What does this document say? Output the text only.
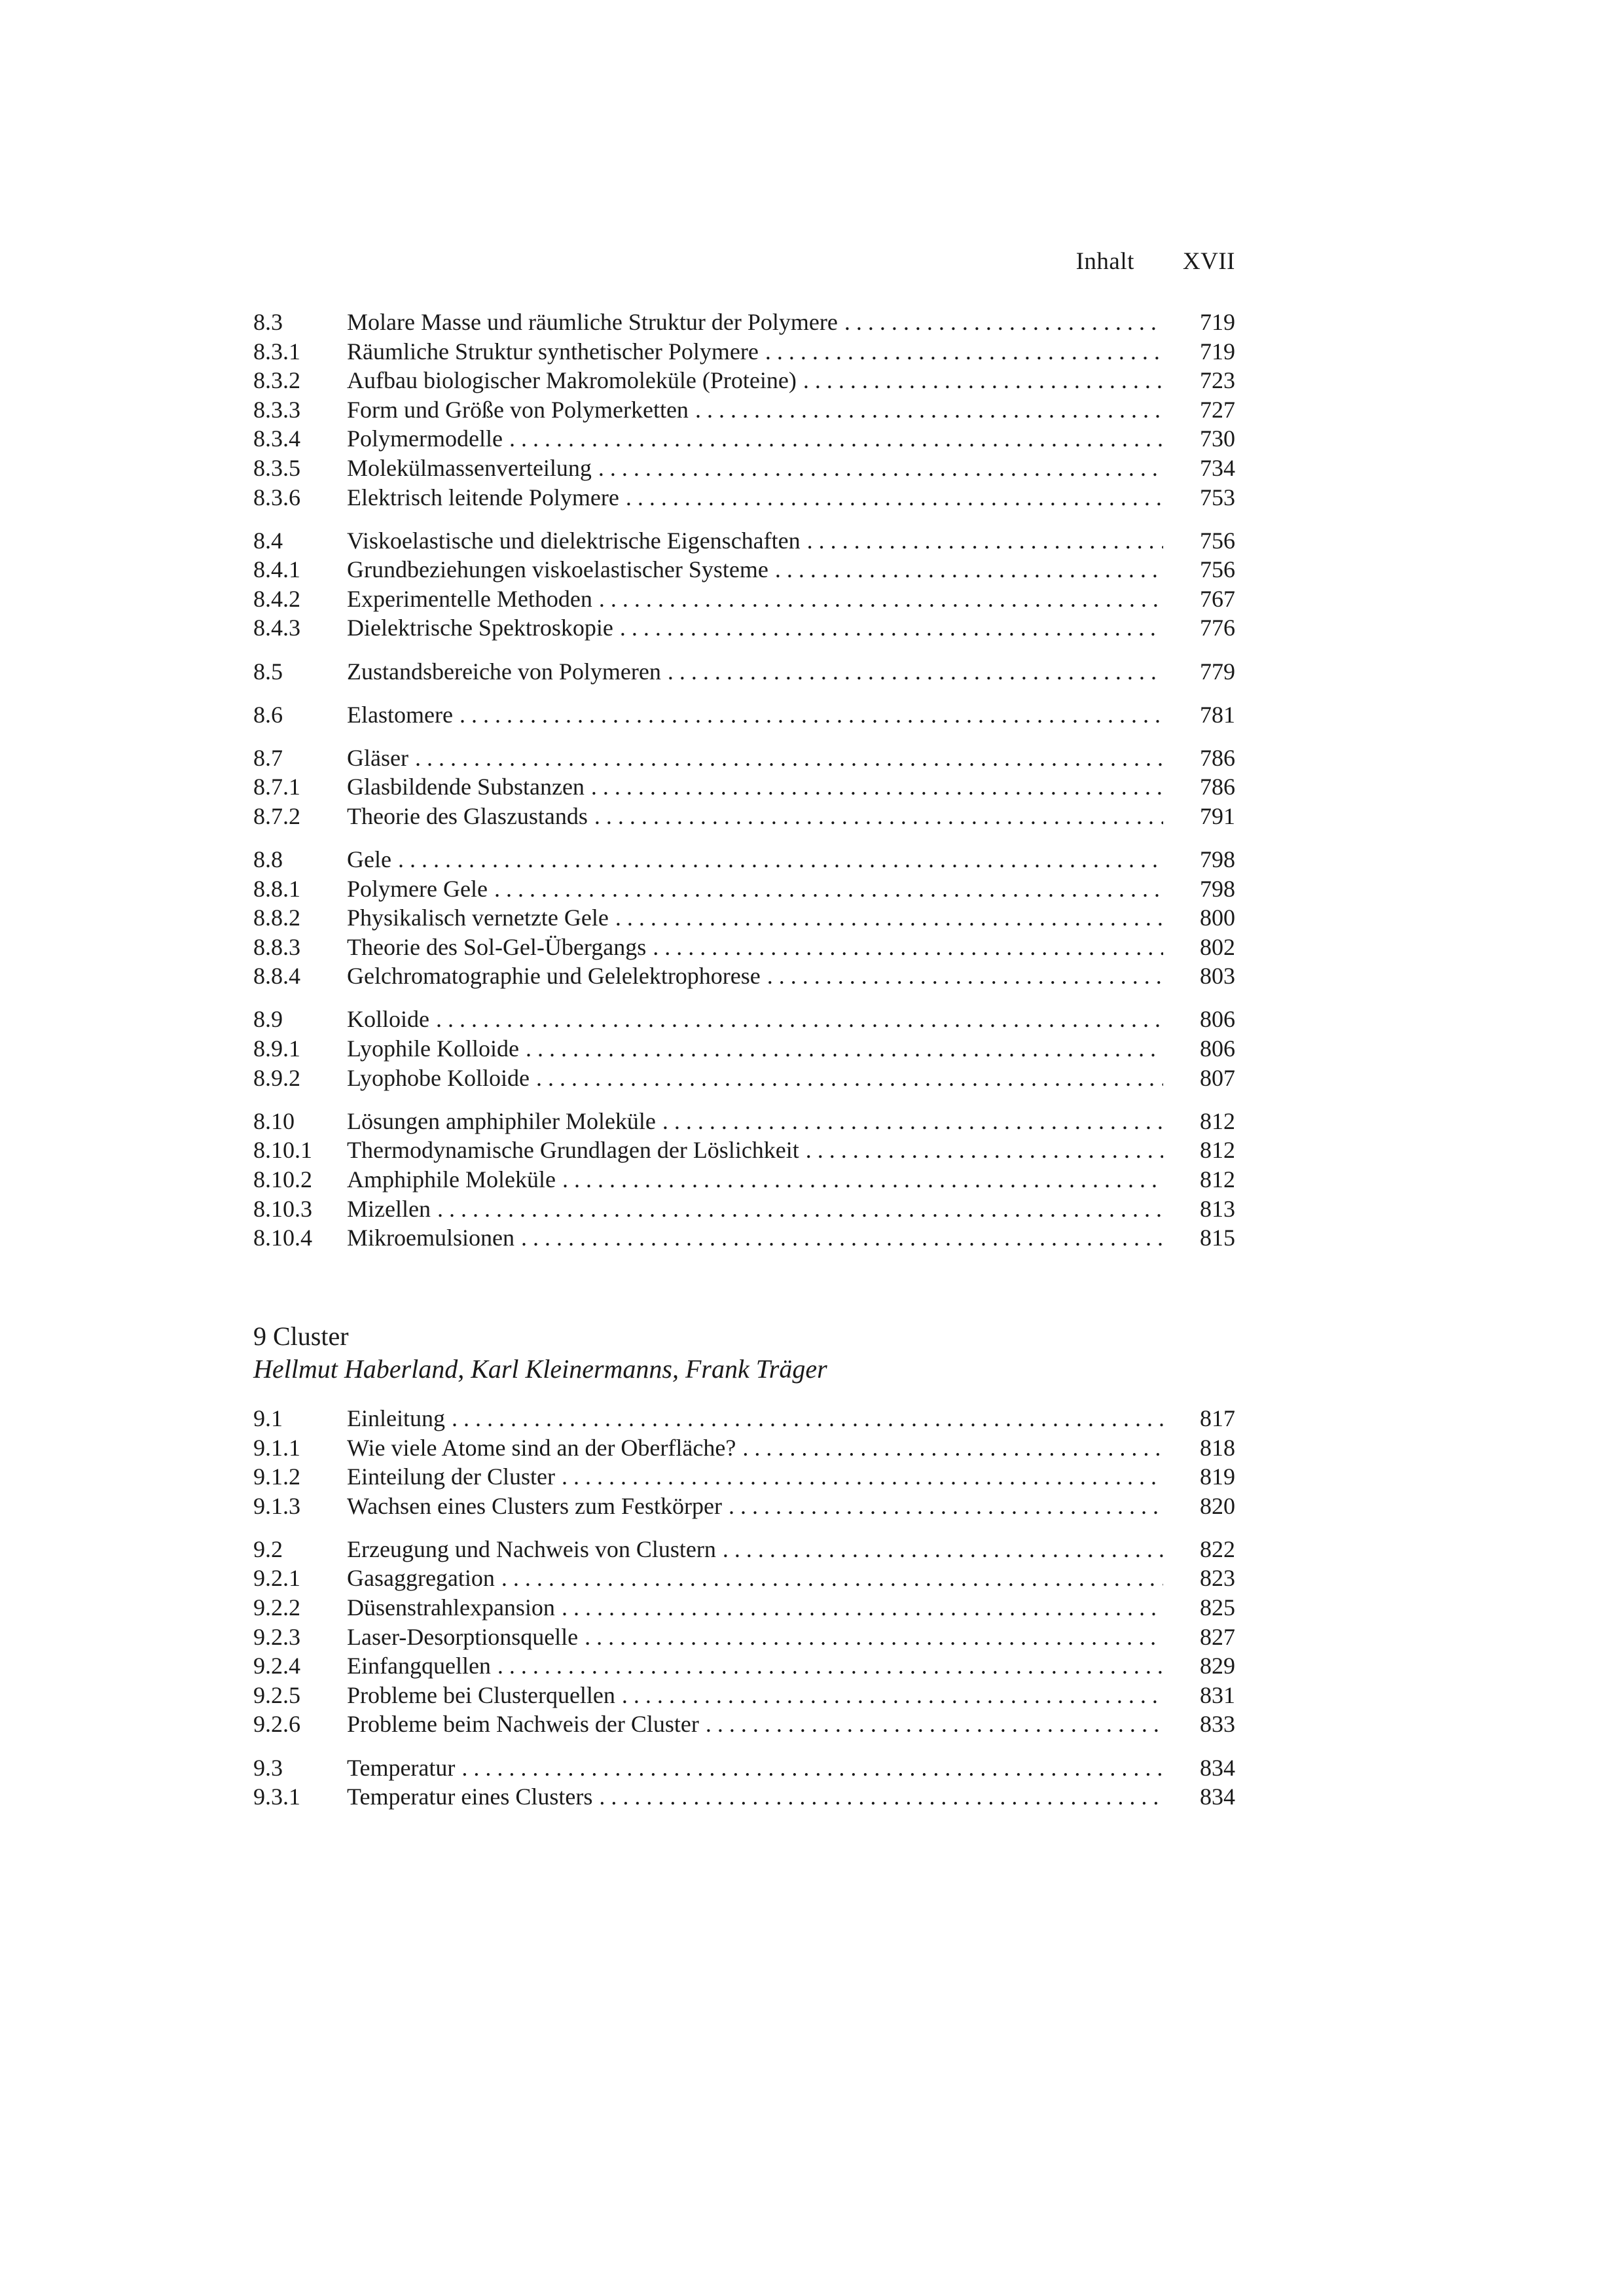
Inhalt XVII
8.3	Molare Masse und räumliche Struktur der Polymere . . .	719
8.3.1	Räumliche Struktur synthetischer Polymere . . .	719
8.3.2	Aufbau biologischer Makromoleküle (Proteine) . . .	723
8.3.3	Form und Größe von Polymerketten . . .	727
8.3.4	Polymermodelle . . .	730
8.3.5	Molekülmassenverteilung . . .	734
8.3.6	Elektrisch leitende Polymere . . .	753
8.4	Viskoelastische und dielektrische Eigenschaften . . .	756
8.4.1	Grundbeziehungen viskoelastischer Systeme . . .	756
8.4.2	Experimentelle Methoden . . .	767
8.4.3	Dielektrische Spektroskopie . . .	776
8.5	Zustandsbereiche von Polymeren . . .	779
8.6	Elastomere . . .	781
8.7	Gläser . . .	786
8.7.1	Glasbildende Substanzen . . .	786
8.7.2	Theorie des Glaszustands . . .	791
8.8	Gele . . .	798
8.8.1	Polymere Gele . . .	798
8.8.2	Physikalisch vernetzte Gele . . .	800
8.8.3	Theorie des Sol-Gel-Übergangs . . .	802
8.8.4	Gelchromatographie und Gelelektrophorese . . .	803
8.9	Kolloide . . .	806
8.9.1	Lyophile Kolloide . . .	806
8.9.2	Lyophobe Kolloide . . .	807
8.10	Lösungen amphiphiler Moleküle . . .	812
8.10.1	Thermodynamische Grundlagen der Löslichkeit . . .	812
8.10.2	Amphiphile Moleküle . . .	812
8.10.3	Mizellen . . .	813
8.10.4	Mikroemulsionen . . .	815
9 Cluster
Hellmut Haberland, Karl Kleinermanns, Frank Träger
9.1	Einleitung . . .	817
9.1.1	Wie viele Atome sind an der Oberfläche? . . .	818
9.1.2	Einteilung der Cluster . . .	819
9.1.3	Wachsen eines Clusters zum Festkörper . . .	820
9.2	Erzeugung und Nachweis von Clustern . . .	822
9.2.1	Gasaggregation . . .	823
9.2.2	Düsenstrahlexpansion . . .	825
9.2.3	Laser-Desorptionsquelle . . .	827
9.2.4	Einfangquellen . . .	829
9.2.5	Probleme bei Clusterquellen . . .	831
9.2.6	Probleme beim Nachweis der Cluster . . .	833
9.3	Temperatur . . .	834
9.3.1	Temperatur eines Clusters . . .	834
